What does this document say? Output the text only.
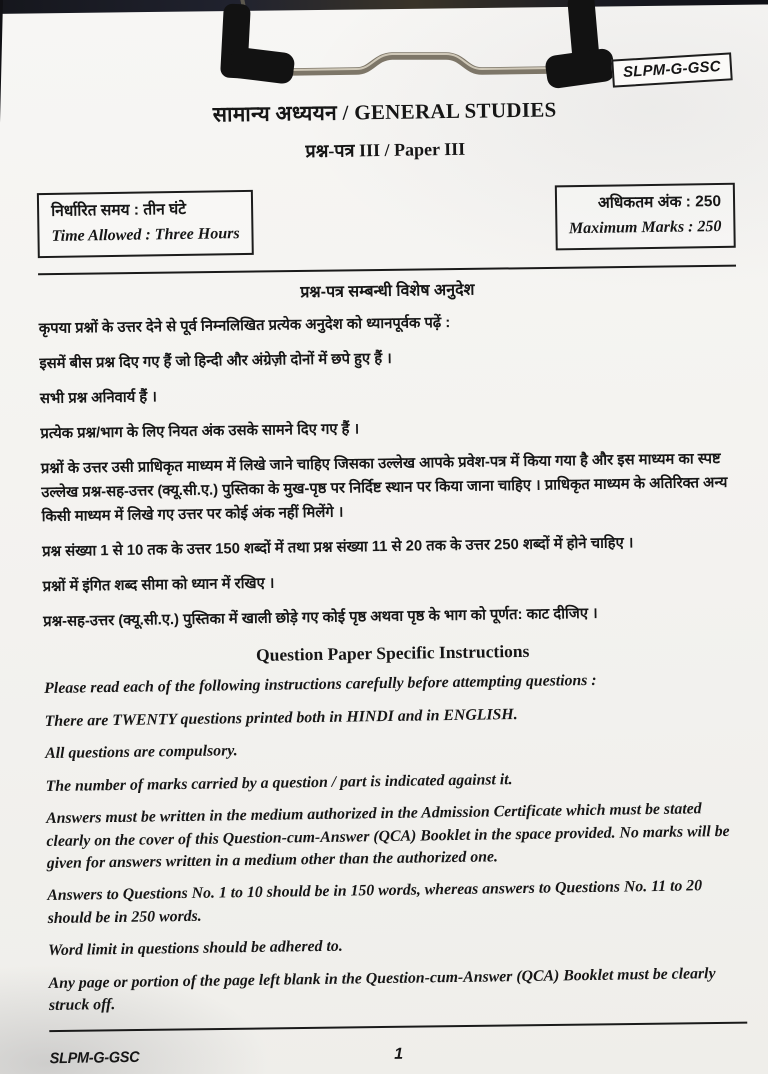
SLPM-G-GSC
सामान्य अध्ययन / GENERAL STUDIES
प्रश्न-पत्र III / Paper III
निर्धारित समय : तीन घंटे
Time Allowed : Three Hours
अधिकतम अंक : 250
Maximum Marks : 250
प्रश्न-पत्र सम्बन्धी विशेष अनुदेश

कृपया प्रश्नों के उत्तर देने से पूर्व निम्नलिखित प्रत्येक अनुदेश को ध्यानपूर्वक पढ़ें :

इसमें बीस प्रश्न दिए गए हैं जो हिन्दी और अंग्रेज़ी दोनों में छपे हुए हैं ।

सभी प्रश्न अनिवार्य हैं ।

प्रत्येक प्रश्न/भाग के लिए नियत अंक उसके सामने दिए गए हैं ।

प्रश्नों के उत्तर उसी प्राधिकृत माध्यम में लिखे जाने चाहिए जिसका उल्लेख आपके प्रवेश-पत्र में किया गया है और इस माध्यम का स्पष्ट उल्लेख प्रश्न-सह-उत्तर (क्यू.सी.ए.) पुस्तिका के मुख-पृष्ठ पर निर्दिष्ट स्थान पर किया जाना चाहिए । प्राधिकृत माध्यम के अतिरिक्त अन्य किसी माध्यम में लिखे गए उत्तर पर कोई अंक नहीं मिलेंगे ।

प्रश्न संख्या 1 से 10 तक के उत्तर 150 शब्दों में तथा प्रश्न संख्या 11 से 20 तक के उत्तर 250 शब्दों में होने चाहिए ।

प्रश्नों में इंगित शब्द सीमा को ध्यान में रखिए ।

प्रश्न-सह-उत्तर (क्यू.सी.ए.) पुस्तिका में खाली छोड़े गए कोई पृष्ठ अथवा पृष्ठ के भाग को पूर्णत: काट दीजिए ।

Question Paper Specific Instructions

Please read each of the following instructions carefully before attempting questions :

There are TWENTY questions printed both in HINDI and in ENGLISH.

All questions are compulsory.

The number of marks carried by a question / part is indicated against it.

Answers must be written in the medium authorized in the Admission Certificate which must be stated clearly on the cover of this Question-cum-Answer (QCA) Booklet in the space provided. No marks will be given for answers written in a medium other than the authorized one.

Answers to Questions No. 1 to 10 should be in 150 words, whereas answers to Questions No. 11 to 20 should be in 250 words.

Word limit in questions should be adhered to.

Any page or portion of the page left blank in the Question-cum-Answer (QCA) Booklet must be clearly struck off.

SLPM-G-GSC	1
